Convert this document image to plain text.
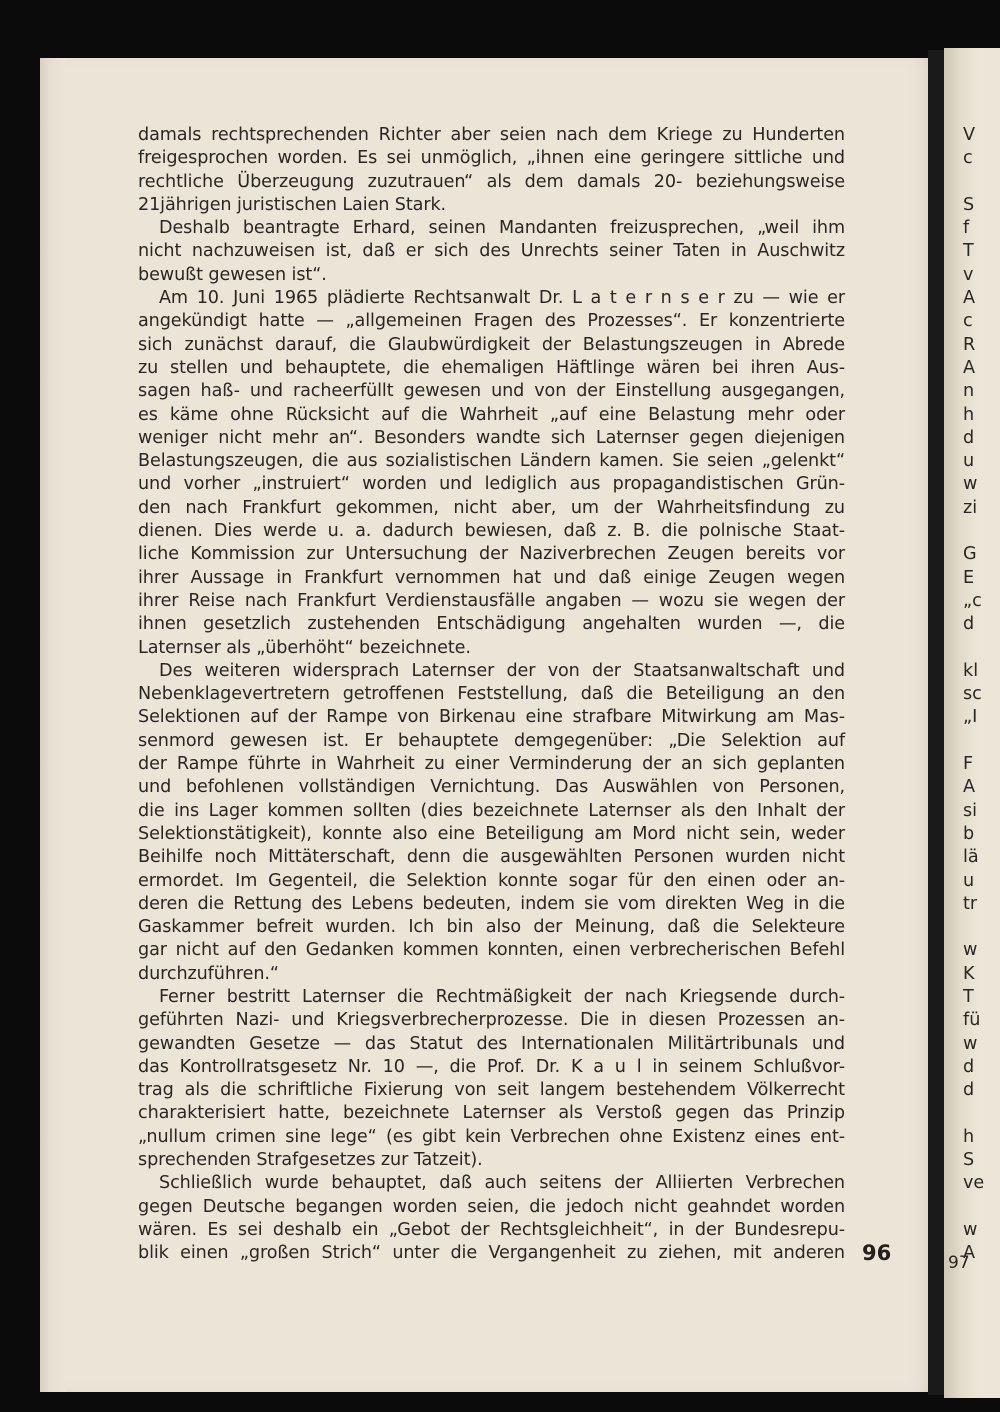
damals rechtsprechenden Richter aber seien nach dem Kriege zu Hunderten
freigesprochen worden. Es sei unmöglich, „ihnen eine geringere sittliche und
rechtliche Überzeugung zuzutrauen“ als dem damals 20- beziehungsweise
21jährigen juristischen Laien Stark.
Deshalb beantragte Erhard, seinen Mandanten freizusprechen, „weil ihm
nicht nachzuweisen ist, daß er sich des Unrechts seiner Taten in Auschwitz
bewußt gewesen ist“.
Am 10. Juni 1965 plädierte Rechtsanwalt Dr. L a t e r n s e r zu — wie er
angekündigt hatte — „allgemeinen Fragen des Prozesses“. Er konzentrierte
sich zunächst darauf, die Glaubwürdigkeit der Belastungszeugen in Abrede
zu stellen und behauptete, die ehemaligen Häftlinge wären bei ihren Aus-
sagen haß- und racheerfüllt gewesen und von der Einstellung ausgegangen,
es käme ohne Rücksicht auf die Wahrheit „auf eine Belastung mehr oder
weniger nicht mehr an“. Besonders wandte sich Laternser gegen diejenigen
Belastungszeugen, die aus sozialistischen Ländern kamen. Sie seien „gelenkt“
und vorher „instruiert“ worden und lediglich aus propagandistischen Grün-
den nach Frankfurt gekommen, nicht aber, um der Wahrheitsfindung zu
dienen. Dies werde u. a. dadurch bewiesen, daß z. B. die polnische Staat-
liche Kommission zur Untersuchung der Naziverbrechen Zeugen bereits vor
ihrer Aussage in Frankfurt vernommen hat und daß einige Zeugen wegen
ihrer Reise nach Frankfurt Verdienstausfälle angaben — wozu sie wegen der
ihnen gesetzlich zustehenden Entschädigung angehalten wurden —, die
Laternser als „überhöht“ bezeichnete.
Des weiteren widersprach Laternser der von der Staatsanwaltschaft und
Nebenklagevertretern getroffenen Feststellung, daß die Beteiligung an den
Selektionen auf der Rampe von Birkenau eine strafbare Mitwirkung am Mas-
senmord gewesen ist. Er behauptete demgegenüber: „Die Selektion auf
der Rampe führte in Wahrheit zu einer Verminderung der an sich geplanten
und befohlenen vollständigen Vernichtung. Das Auswählen von Personen,
die ins Lager kommen sollten (dies bezeichnete Laternser als den Inhalt der
Selektionstätigkeit), konnte also eine Beteiligung am Mord nicht sein, weder
Beihilfe noch Mittäterschaft, denn die ausgewählten Personen wurden nicht
ermordet. Im Gegenteil, die Selektion konnte sogar für den einen oder an-
deren die Rettung des Lebens bedeuten, indem sie vom direkten Weg in die
Gaskammer befreit wurden. Ich bin also der Meinung, daß die Selekteure
gar nicht auf den Gedanken kommen konnten, einen verbrecherischen Befehl
durchzuführen.“
Ferner bestritt Laternser die Rechtmäßigkeit der nach Kriegsende durch-
geführten Nazi- und Kriegsverbrecherprozesse. Die in diesen Prozessen an-
gewandten Gesetze — das Statut des Internationalen Militärtribunals und
das Kontrollratsgesetz Nr. 10 —, die Prof. Dr. K a u l in seinem Schlußvor-
trag als die schriftliche Fixierung von seit langem bestehendem Völkerrecht
charakterisiert hatte, bezeichnete Laternser als Verstoß gegen das Prinzip
„nullum crimen sine lege“ (es gibt kein Verbrechen ohne Existenz eines ent-
sprechenden Strafgesetzes zur Tatzeit).
Schließlich wurde behauptet, daß auch seitens der Alliierten Verbrechen
gegen Deutsche begangen worden seien, die jedoch nicht geahndet worden
wären. Es sei deshalb ein „Gebot der Rechtsgleichheit“, in der Bundesrepu-
blik einen „großen Strich“ unter die Vergangenheit zu ziehen, mit anderen 96
V
c

S
f
T
v
A
c
R
A
n
h
d
u
w
zi

G
E
„c
d

kl
sc
„I

F
A
si
b
lä
u
tr

w
K
T
fü
w
d
d

h
S
ve

w
A
97
